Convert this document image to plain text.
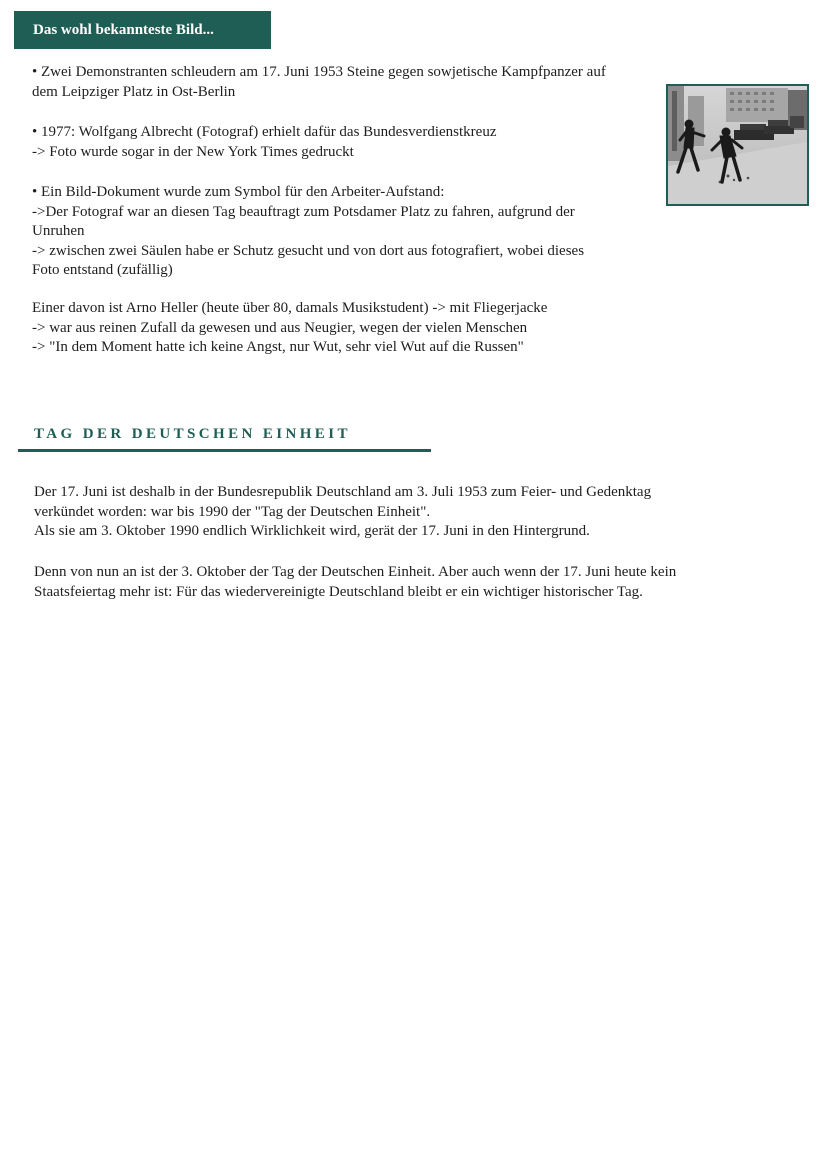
Das wohl bekannteste Bild...
• Zwei Demonstranten schleudern am 17. Juni 1953 Steine gegen sowjetische Kampfpanzer auf
dem Leipziger Platz in Ost-Berlin
• 1977: Wolfgang Albrecht (Fotograf) erhielt dafür das Bundesverdienstkreuz
-> Foto wurde sogar in der New York Times gedruckt
• Ein Bild-Dokument wurde zum Symbol für den Arbeiter-Aufstand:
->Der Fotograf war an diesen Tag beauftragt zum Potsdamer Platz zu fahren, aufgrund der
Unruhen
-> zwischen zwei Säulen habe er Schutz gesucht und von dort aus fotografiert, wobei dieses
Foto entstand (zufällig)
Einer davon ist Arno Heller (heute über 80, damals Musikstudent) -> mit Fliegerjacke
-> war aus reinen Zufall da gewesen und aus Neugier, wegen der vielen Menschen
-> "In dem Moment hatte ich keine Angst, nur Wut, sehr viel Wut auf die Russen"
TAG DER DEUTSCHEN EINHEIT
Der 17. Juni ist deshalb in der Bundesrepublik Deutschland am 3. Juli 1953 zum Feier- und Gedenktag
verkündet worden: war bis 1990 der "Tag der Deutschen Einheit".
Als sie am 3. Oktober 1990 endlich Wirklichkeit wird, gerät der 17. Juni in den Hintergrund.
Denn von nun an ist der 3. Oktober der Tag der Deutschen Einheit. Aber auch wenn der 17. Juni heute kein
Staatsfeiertag mehr ist: Für das wiedervereinigte Deutschland bleibt er ein wichtiger historischer Tag.
